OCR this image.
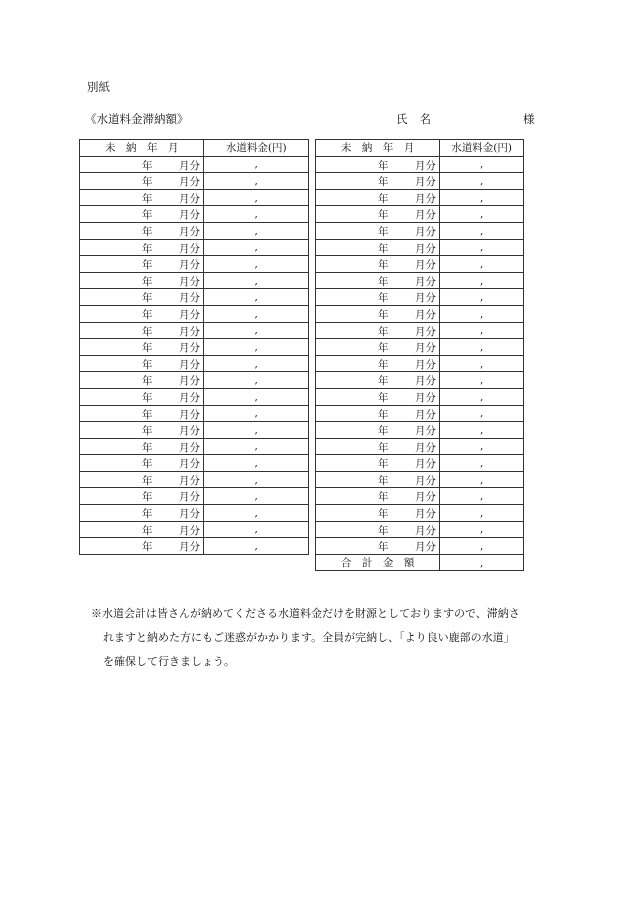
別紙
《水道料金滞納額》	氏名	様
未　納　年　月	水道料金(円)

年 月分	,

年 月分	,

年 月分	,

年 月分	,

年 月分	,

年 月分	,

年 月分	,

年 月分	,

年 月分	,

年 月分	,

年 月分	,

年 月分	,

年 月分	,

年 月分	,

年 月分	,

年 月分	,

年 月分	,

年 月分	,

年 月分	,

年 月分	,

年 月分	,

年 月分	,

年 月分	,

年 月分	,
未　納　年　月	水道料金(円)

年 月分	,

年 月分	,

年 月分	,

年 月分	,

年 月分	,

年 月分	,

年 月分	,

年 月分	,

年 月分	,

年 月分	,

年 月分	,

年 月分	,

年 月分	,

年 月分	,

年 月分	,

年 月分	,

年 月分	,

年 月分	,

年 月分	,

年 月分	,

年 月分	,

年 月分	,

年 月分	,

年 月分	,
合　計　金　額	,
※水道会計は皆さんが納めてくださる水道料金だけを財源としておりますので、滞納さ
れますと納めた方にもご迷惑がかかります。全員が完納し、「より良い鹿部の水道」
を確保して行きましょう。
